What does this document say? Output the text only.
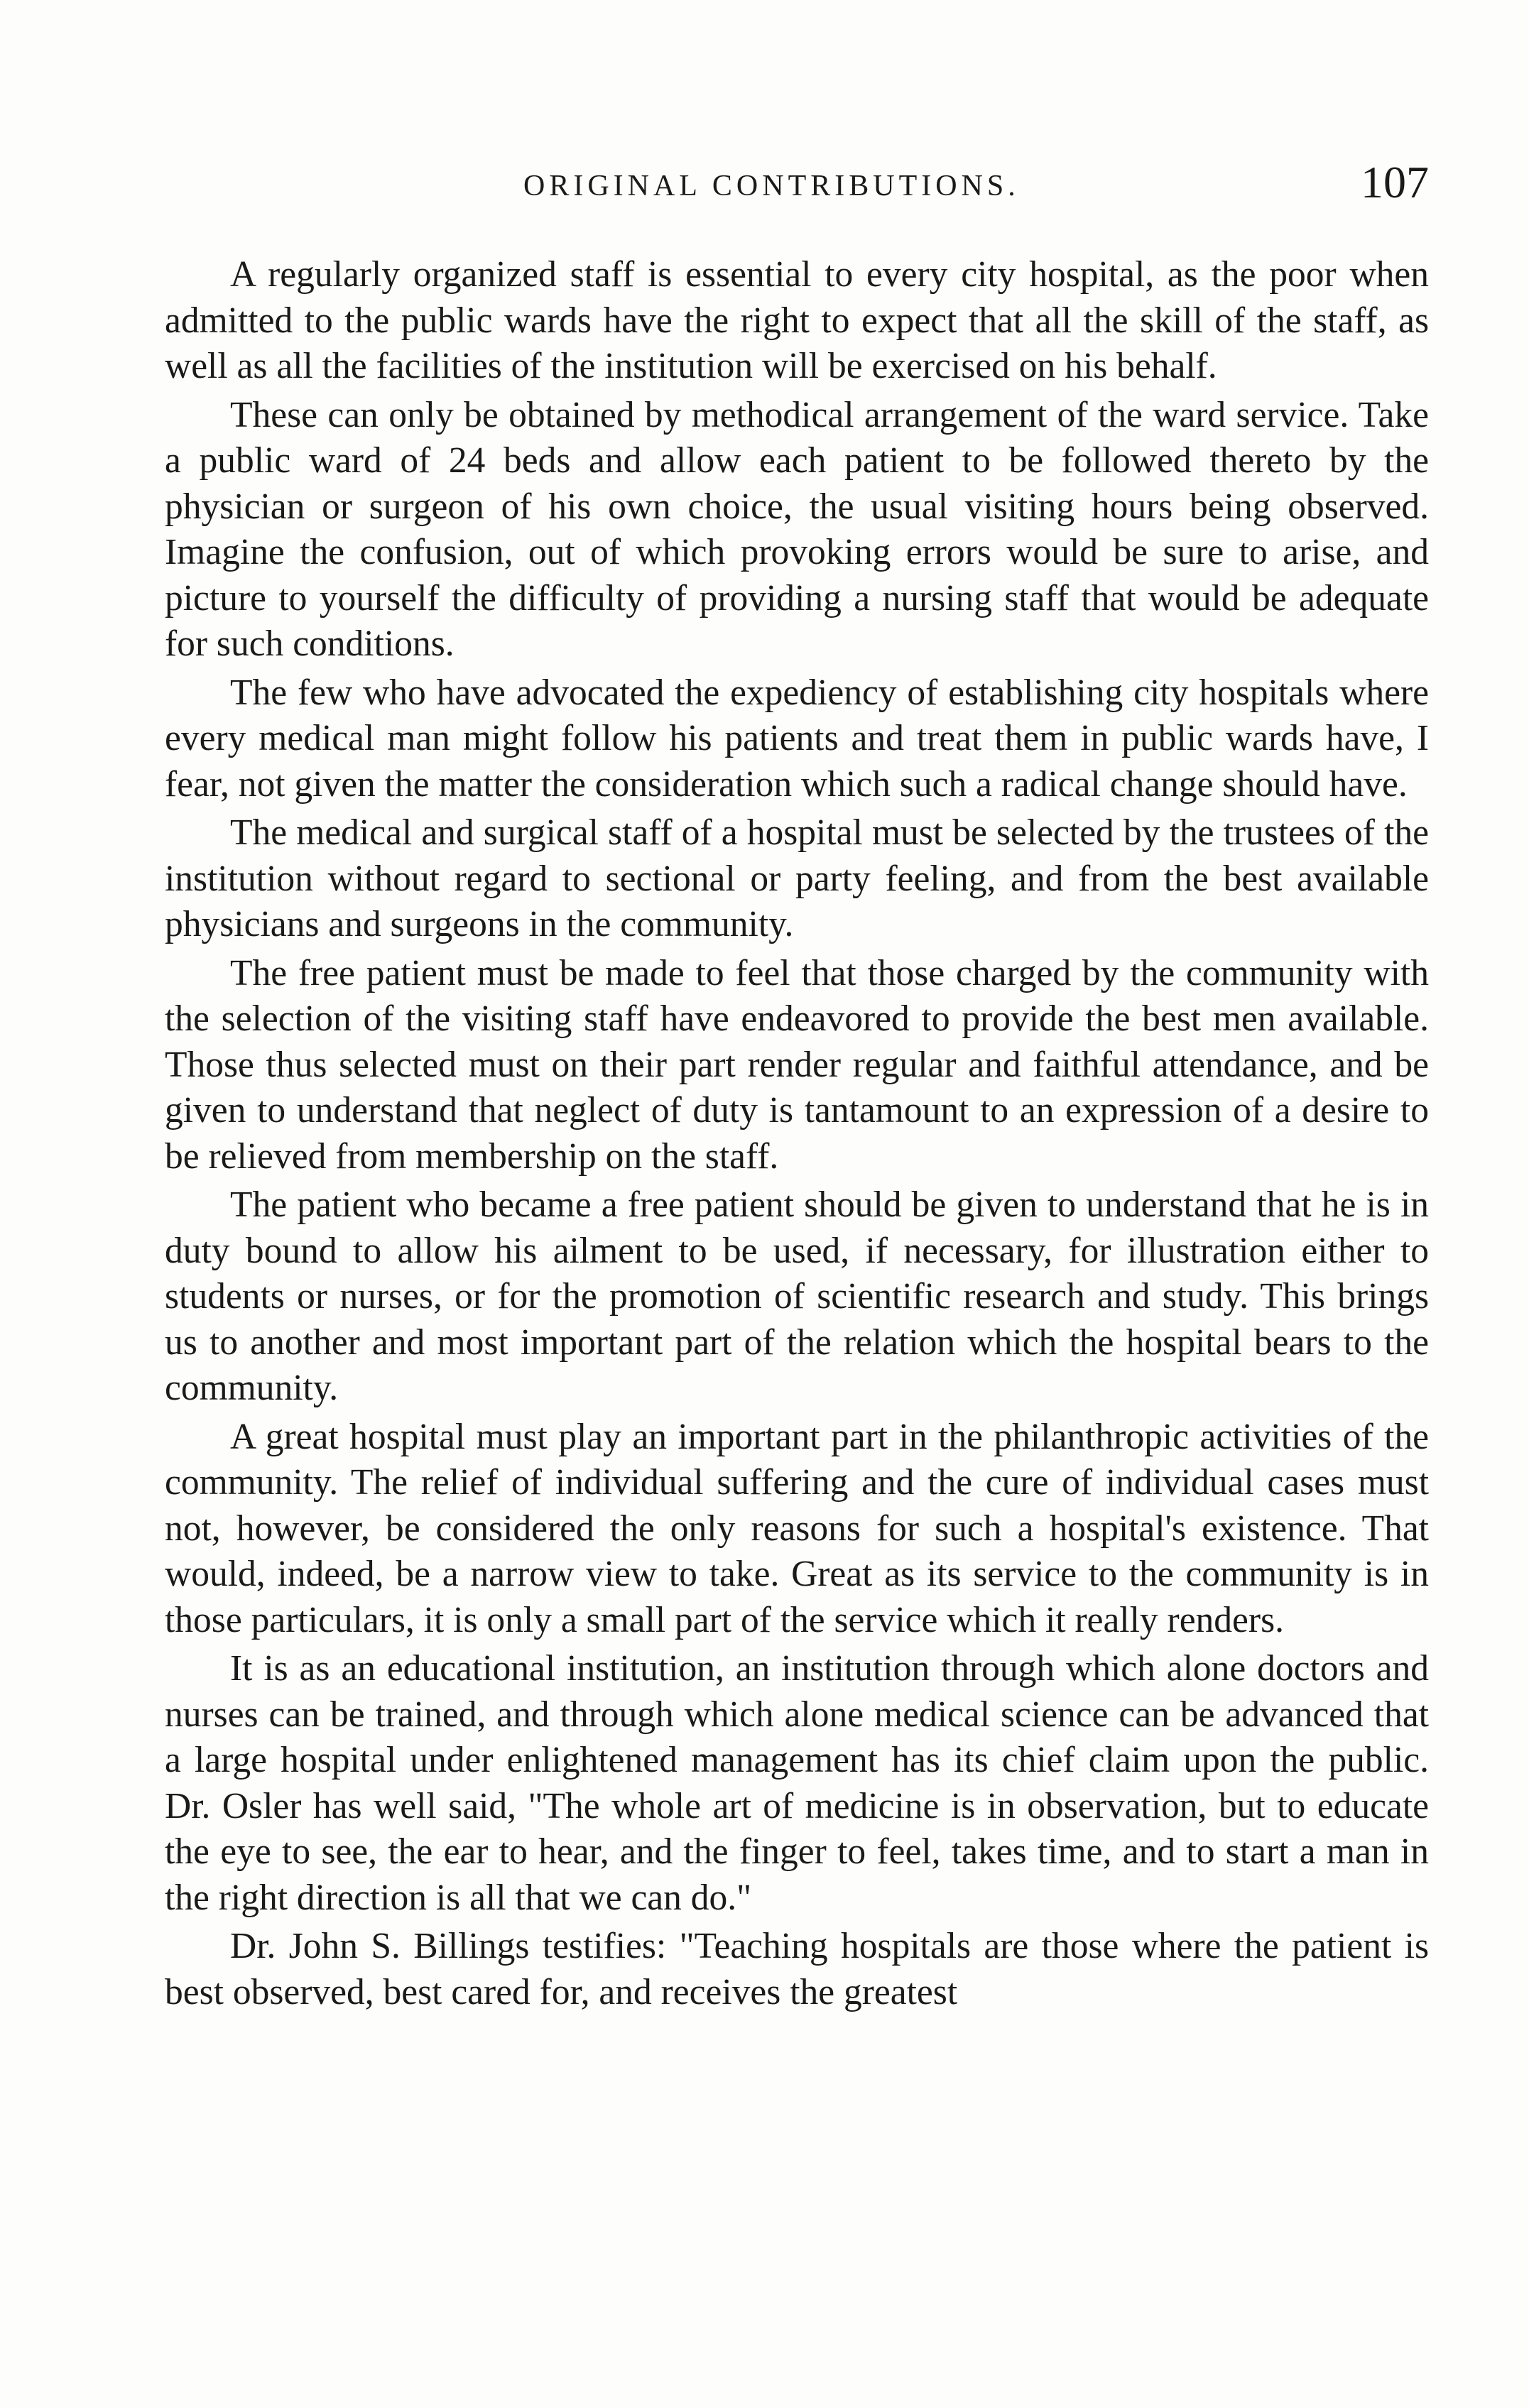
ORIGINAL CONTRIBUTIONS.	107

A regularly organized staff is essential to every city hospital, as the poor when admitted to the public wards have the right to expect that all the skill of the staff, as well as all the facilities of the institution will be exercised on his behalf.

These can only be obtained by methodical arrangement of the ward service. Take a public ward of 24 beds and allow each patient to be followed thereto by the physician or surgeon of his own choice, the usual visiting hours being observed. Imagine the confusion, out of which provoking errors would be sure to arise, and picture to yourself the difficulty of providing a nursing staff that would be adequate for such conditions.

The few who have advocated the expediency of establishing city hospitals where every medical man might follow his patients and treat them in public wards have, I fear, not given the matter the consideration which such a radical change should have.

The medical and surgical staff of a hospital must be selected by the trustees of the institution without regard to sectional or party feeling, and from the best available physicians and surgeons in the community.

The free patient must be made to feel that those charged by the community with the selection of the visiting staff have endeavored to provide the best men available. Those thus selected must on their part render regular and faithful attendance, and be given to understand that neglect of duty is tantamount to an expression of a desire to be relieved from membership on the staff.

The patient who became a free patient should be given to understand that he is in duty bound to allow his ailment to be used, if necessary, for illustration either to students or nurses, or for the promotion of scientific research and study. This brings us to another and most important part of the relation which the hospital bears to the community.

A great hospital must play an important part in the philanthropic activities of the community. The relief of individual suffering and the cure of individual cases must not, however, be considered the only reasons for such a hospital's existence. That would, indeed, be a narrow view to take. Great as its service to the community is in those particulars, it is only a small part of the service which it really renders.

It is as an educational institution, an institution through which alone doctors and nurses can be trained, and through which alone medical science can be advanced that a large hospital under enlightened management has its chief claim upon the public. Dr. Osler has well said, "The whole art of medicine is in observation, but to educate the eye to see, the ear to hear, and the finger to feel, takes time, and to start a man in the right direction is all that we can do."

Dr. John S. Billings testifies: "Teaching hospitals are those where the patient is best observed, best cared for, and receives the greatest
